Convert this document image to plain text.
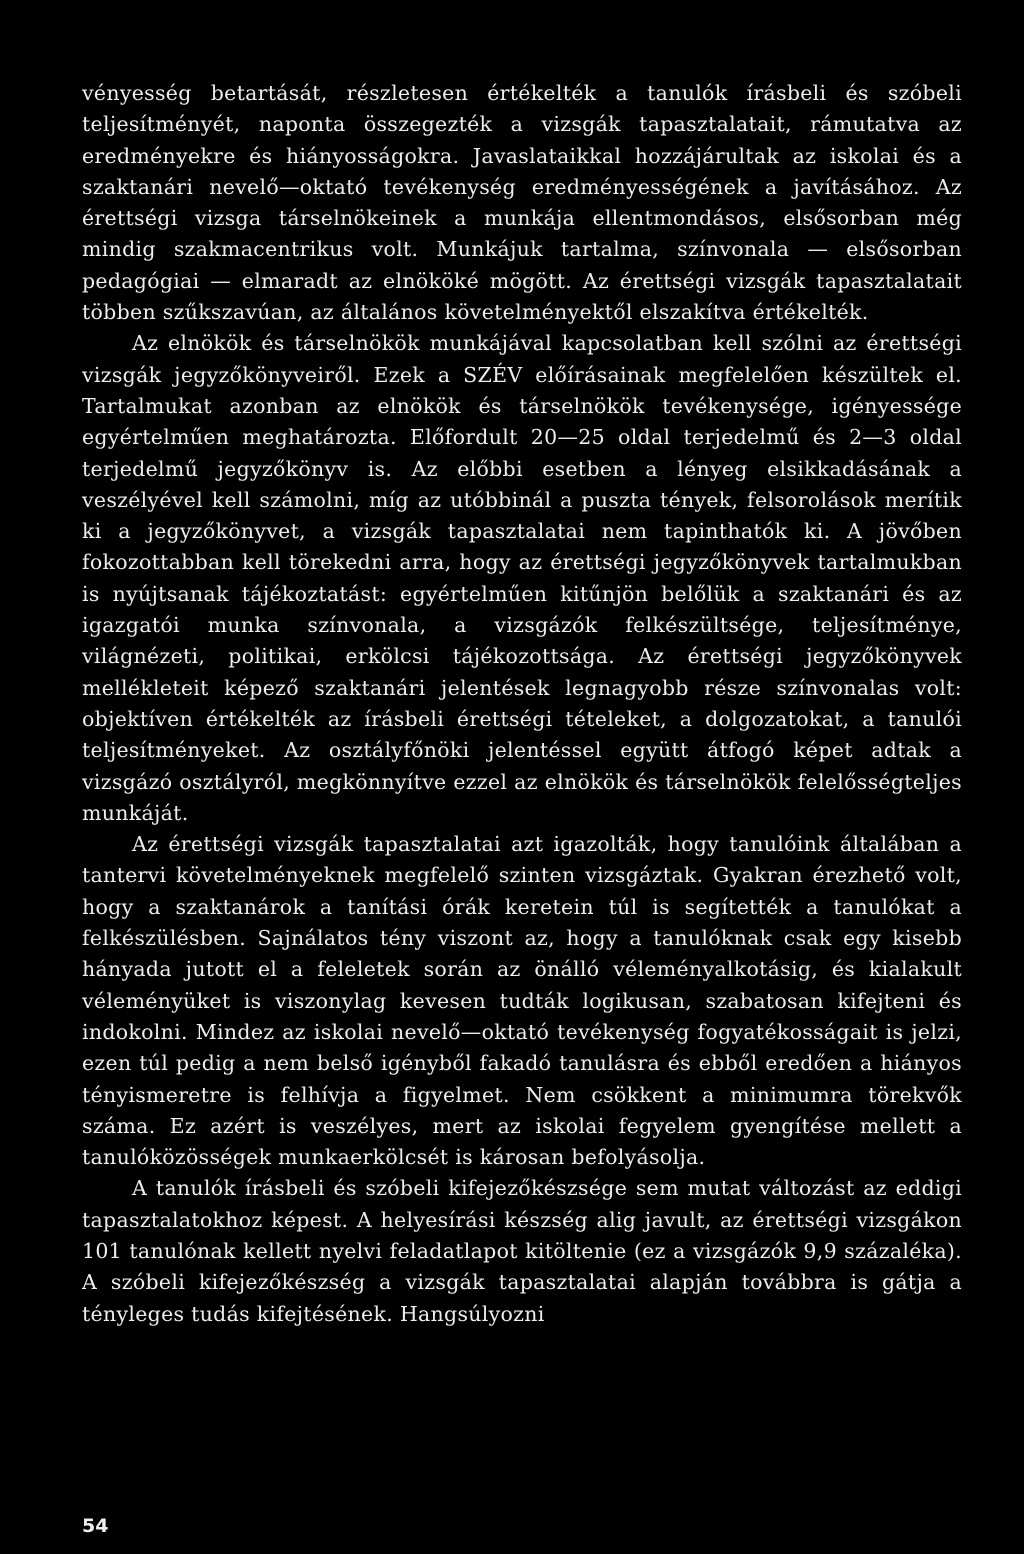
vényesség betartását, részletesen értékelték a tanulók írásbeli és szóbeli teljesítményét, naponta összegezték a vizsgák tapasztalatait, rámutatva az eredményekre és hiányosságokra. Javaslataikkal hozzájárultak az iskolai és a szaktanári nevelő—oktató tevékenység eredményességének a javításához. Az érettségi vizsga társelnökeinek a munkája ellentmondásos, elsősorban még mindig szakmacentrikus volt. Munkájuk tartalma, színvonala — elsősorban pedagógiai — elmaradt az elnököké mögött. Az érettségi vizsgák tapasztalatait többen szűkszavúan, az általános követelményektől elszakítva értékelték.

Az elnökök és társelnökök munkájával kapcsolatban kell szólni az érettségi vizsgák jegyzőkönyveiről. Ezek a SZÉV előírásainak megfelelően készültek el. Tartalmukat azonban az elnökök és társelnökök tevékenysége, igényessége egyértelműen meghatározta. Előfordult 20—25 oldal terjedelmű és 2—3 oldal terjedelmű jegyzőkönyv is. Az előbbi esetben a lényeg elsikkadásának a veszélyével kell számolni, míg az utóbbinál a puszta tények, felsorolások merítik ki a jegyzőkönyvet, a vizsgák tapasztalatai nem tapinthatók ki. A jövőben fokozottabban kell törekedni arra, hogy az érettségi jegyzőkönyvek tartalmukban is nyújtsanak tájékoztatást: egyértelműen kitűnjön belőlük a szaktanári és az igazgatói munka színvonala, a vizsgázók felkészültsége, teljesítménye, világnézeti, politikai, erkölcsi tájékozottsága. Az érettségi jegyzőkönyvek mellékleteit képező szaktanári jelentések legnagyobb része színvonalas volt: objektíven értékelték az írásbeli érettségi tételeket, a dolgozatokat, a tanulói teljesítményeket. Az osztályfőnöki jelentéssel együtt átfogó képet adtak a vizsgázó osztályról, megkönnyítve ezzel az elnökök és társelnökök felelősségteljes munkáját.

Az érettségi vizsgák tapasztalatai azt igazolták, hogy tanulóink általában a tantervi követelményeknek megfelelő szinten vizsgáztak. Gyakran érezhető volt, hogy a szaktanárok a tanítási órák keretein túl is segítették a tanulókat a felkészülésben. Sajnálatos tény viszont az, hogy a tanulóknak csak egy kisebb hányada jutott el a feleletek során az önálló véleményalkotásig, és kialakult véleményüket is viszonylag kevesen tudták logikusan, szabatosan kifejteni és indokolni. Mindez az iskolai nevelő—oktató tevékenység fogyatékosságait is jelzi, ezen túl pedig a nem belső igényből fakadó tanulásra és ebből eredően a hiányos tényismeretre is felhívja a figyelmet. Nem csökkent a minimumra törekvők száma. Ez azért is veszélyes, mert az iskolai fegyelem gyengítése mellett a tanulóközösségek munkaerkölcsét is károsan befolyásolja.

A tanulók írásbeli és szóbeli kifejezőkészsége sem mutat változást az eddigi tapasztalatokhoz képest. A helyesírási készség alig javult, az érettségi vizsgákon 101 tanulónak kellett nyelvi feladatlapot kitöltenie (ez a vizsgázók 9,9 százaléka). A szóbeli kifejezőkészség a vizsgák tapasztalatai alapján továbbra is gátja a tényleges tudás kifejtésének. Hangsúlyozni

54
